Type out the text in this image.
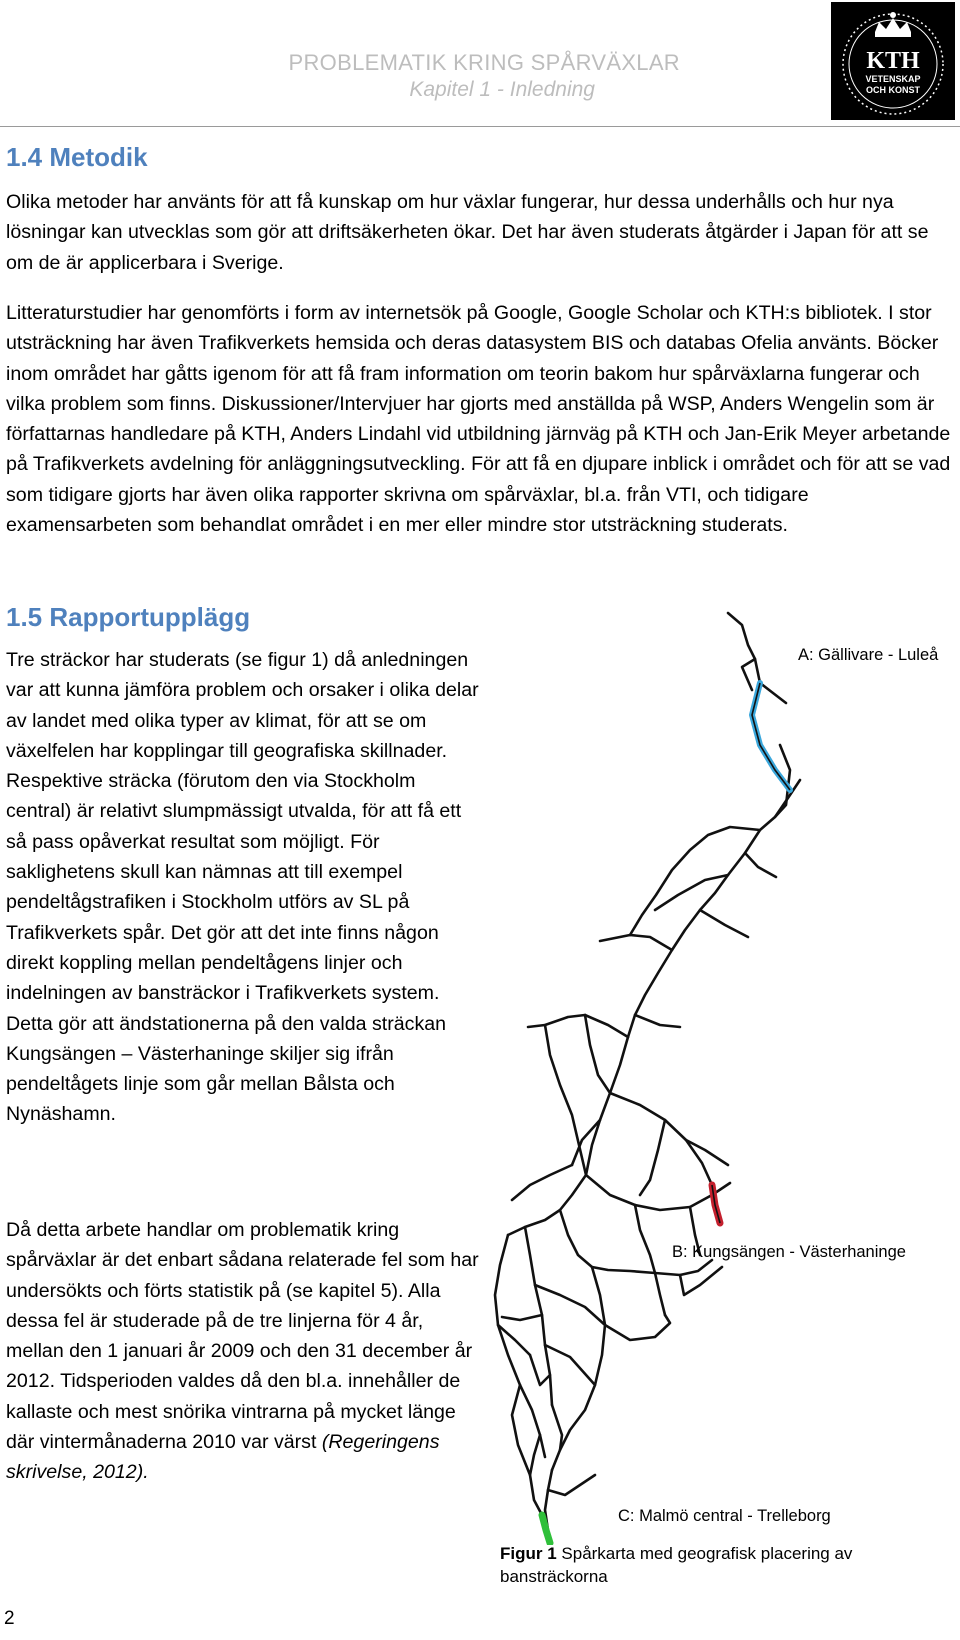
PROBLEMATIK KRING SPÅRVÄXLAR
Kapitel 1 - Inledning
KTH
VETENSKAP
OCH KONST
1.4 Metodik

Olika metoder har använts för att få kunskap om hur växlar fungerar, hur dessa underhålls och hur nya lösningar kan utvecklas som gör att driftsäkerheten ökar. Det har även studerats åtgärder i Japan för att se om de är applicerbara i Sverige.

Litteraturstudier har genomförts i form av internetsök på Google, Google Scholar och KTH:s bibliotek. I stor utsträckning har även Trafikverkets hemsida och deras datasystem BIS och databas Ofelia använts. Böcker inom området har gåtts igenom för att få fram information om teorin bakom hur spårväxlarna fungerar och vilka problem som finns. Diskussioner/Intervjuer har gjorts med anställda på WSP, Anders Wengelin som är författarnas handledare på KTH, Anders Lindahl vid utbildning järnväg på KTH och Jan-Erik Meyer arbetande på Trafikverkets avdelning för anläggningsutveckling. För att få en djupare inblick i området och för att se vad som tidigare gjorts har även olika rapporter skrivna om spårväxlar, bl.a. från VTI, och tidigare examensarbeten som behandlat området i en mer eller mindre stor utsträckning studerats.

1.5 Rapportupplägg

Tre sträckor har studerats (se figur 1) då anledningen var att kunna jämföra problem och orsaker i olika delar av landet med olika typer av klimat, för att se om växelfelen har kopplingar till geografiska skillnader. Respektive sträcka (förutom den via Stockholm central) är relativt slumpmässigt utvalda, för att få ett så pass opåverkat resultat som möjligt. För saklighetens skull kan nämnas att till exempel pendeltågstrafiken i Stockholm utförs av SL på Trafikverkets spår. Det gör att det inte finns någon direkt koppling mellan pendeltågens linjer och indelningen av bansträckor i Trafikverkets system. Detta gör att ändstationerna på den valda sträckan Kungsängen – Västerhaninge skiljer sig ifrån pendeltågets linje som går mellan Bålsta och Nynäshamn.

Då detta arbete handlar om problematik kring spårväxlar är det enbart sådana relaterade fel som har undersökts och förts statistik på (se kapitel 5). Alla dessa fel är studerade på de tre linjerna för 4 år, mellan den 1 januari år 2009 och den 31 december år 2012. Tidsperioden valdes då den bl.a. innehåller de kallaste och mest snörika vintrarna på mycket länge där vintermånaderna 2010 var värst (Regeringens skrivelse, 2012).

A: Gällivare - Luleå
B: Kungsängen - Västerhaninge
C: Malmö central - Trelleborg
Figur 1 Spårkarta med geografisk placering av bansträckorna
2
